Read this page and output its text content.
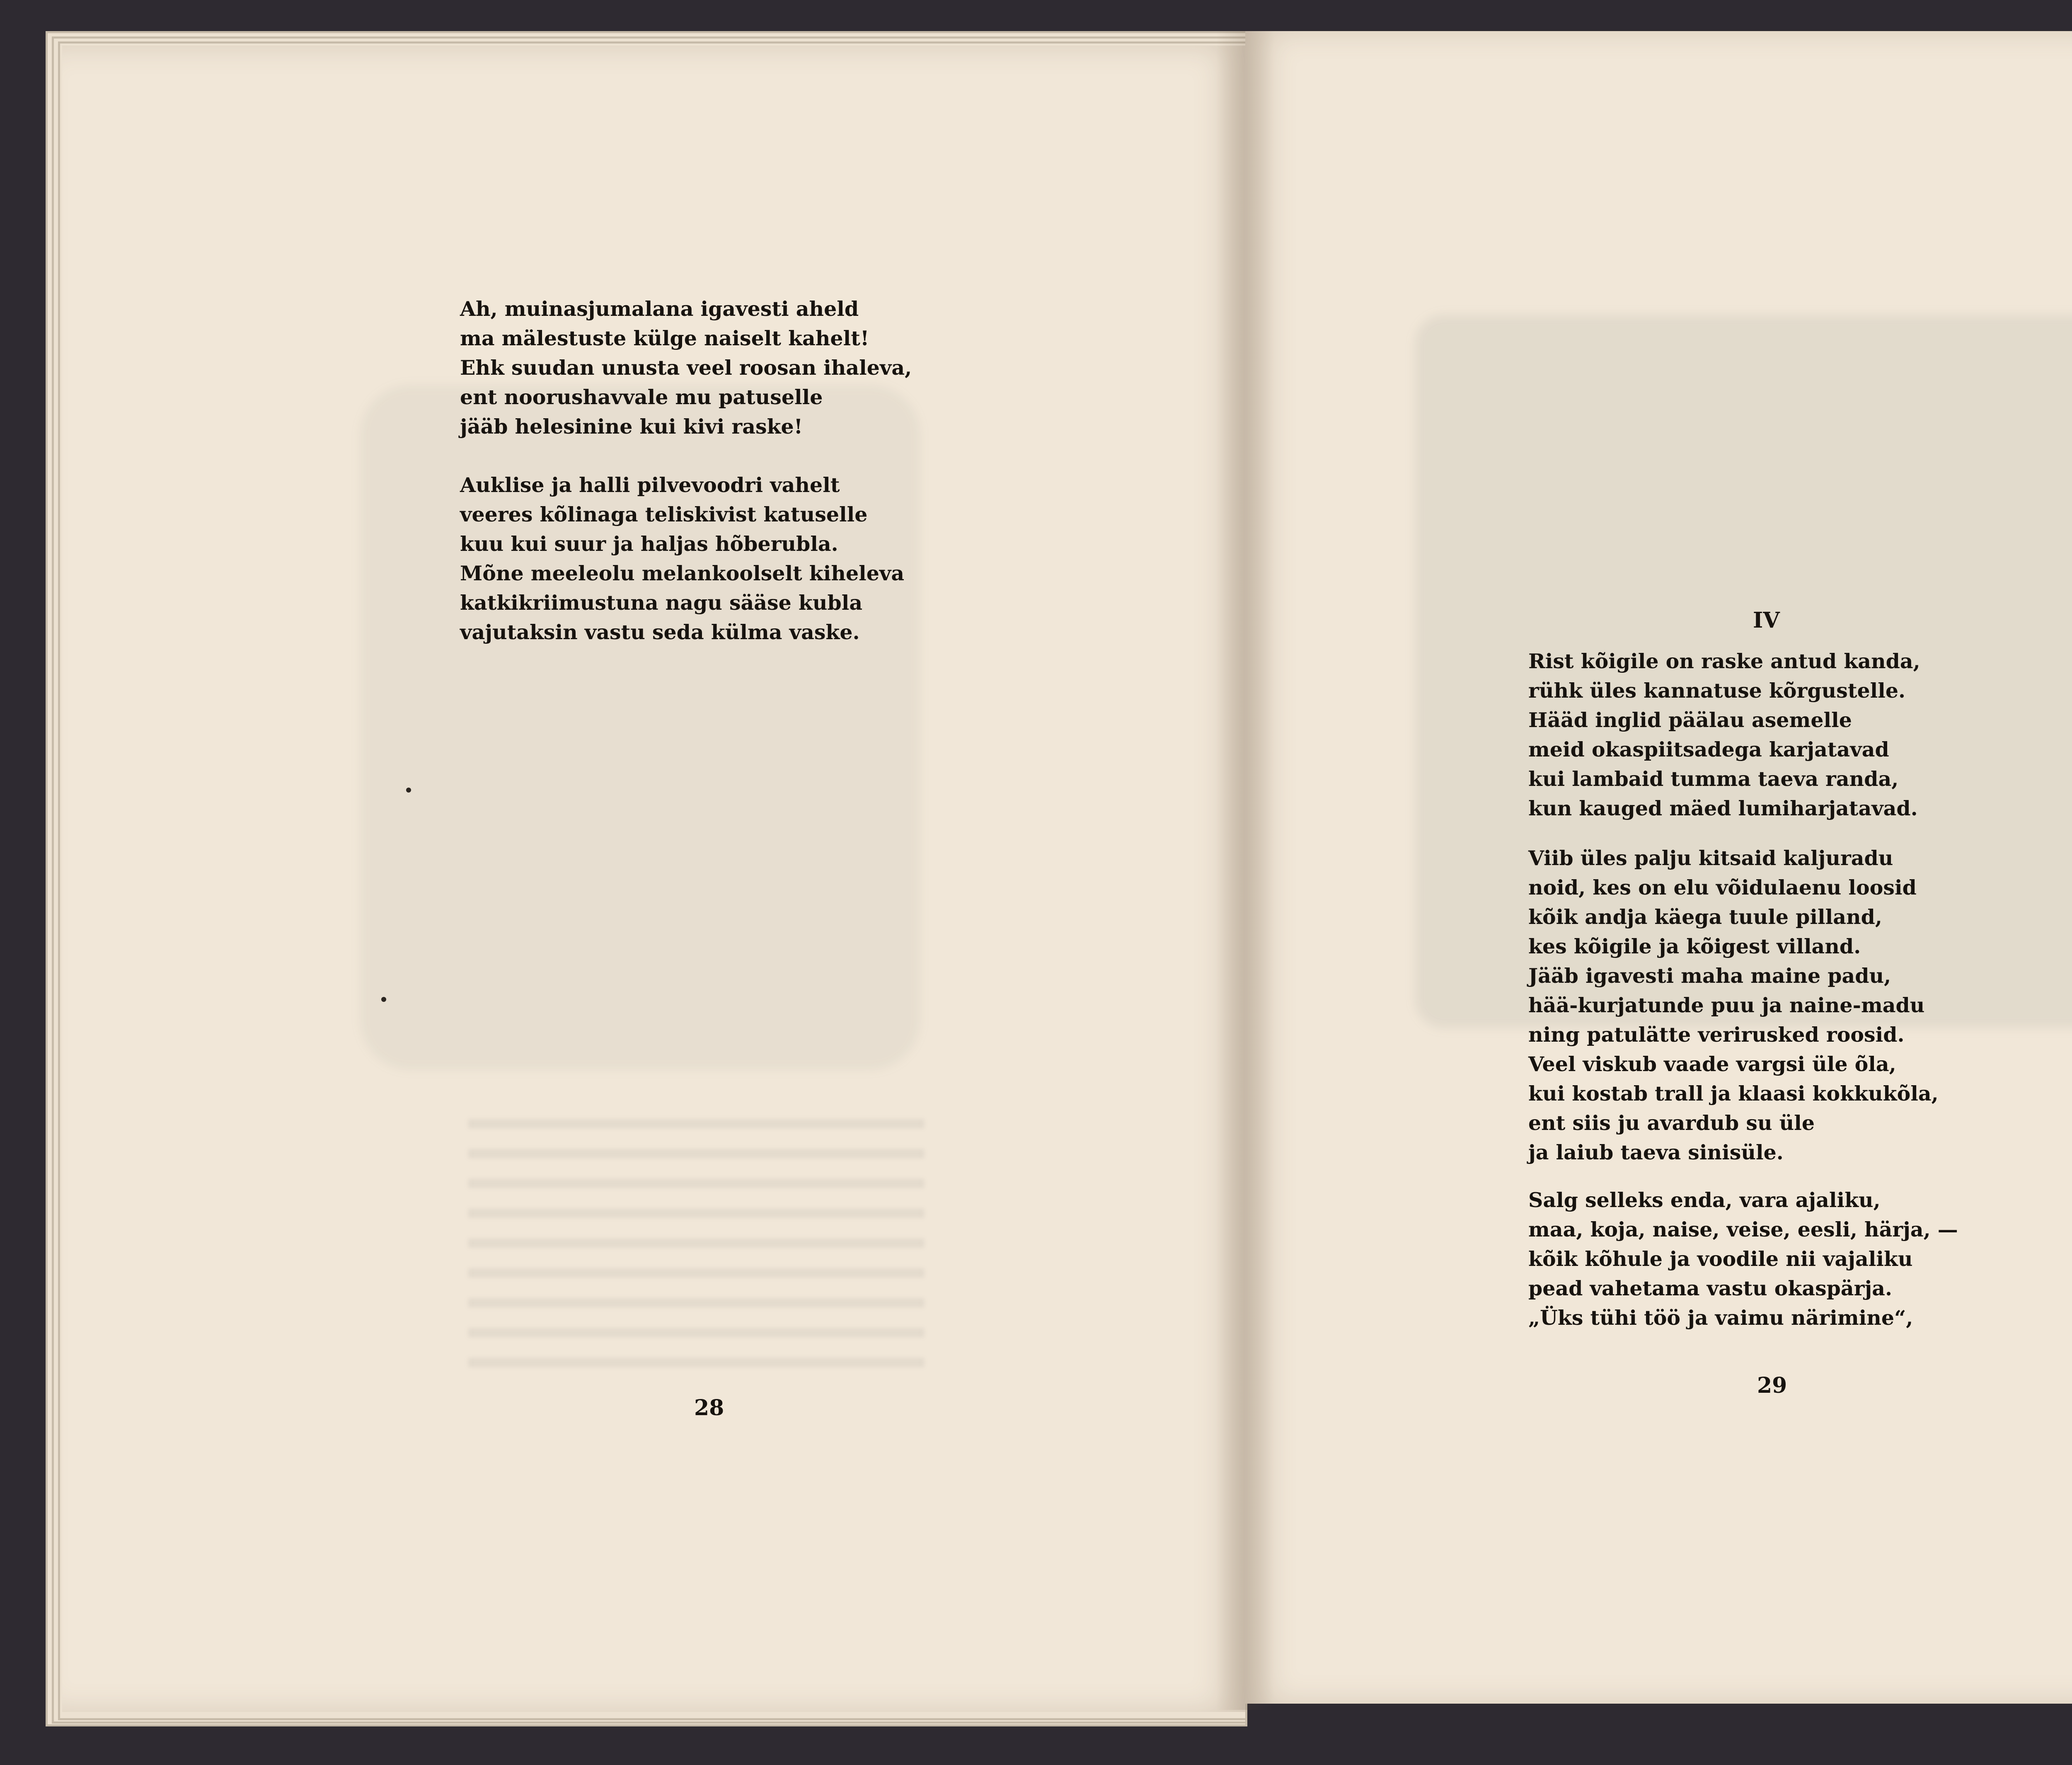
Ah, muinasjumalana igavesti aheld
ma mälestuste külge naiselt kahelt!
Ehk suudan unusta veel roosan ihaleva,
ent noorushavvale mu patuselle
jääb helesinine kui kivi raske!
Auklise ja halli pilvevoodri vahelt
veeres kõlinaga teliskivist katuselle
kuu kui suur ja haljas hõberubla.
Mõne meeleolu melankoolselt kiheleva
katkikriimustuna nagu sääse kubla
vajutaksin vastu seda külma vaske.
28
IV
Rist kõigile on raske antud kanda,
rühk üles kannatuse kõrgustelle.
Hääd inglid päälau asemelle
meid okaspiitsadega karjatavad
kui lambaid tumma taeva randa,
kun kauged mäed lumiharjatavad.
Viib üles palju kitsaid kaljuradu
noid, kes on elu võidulaenu loosid
kõik andja käega tuule pilland,
kes kõigile ja kõigest villand.
Jääb igavesti maha maine padu,
hää-kurjatunde puu ja naine-madu
ning patulätte verirusked roosid.
Veel viskub vaade vargsi üle õla,
kui kostab trall ja klaasi kokkukõla,
ent siis ju avardub su üle
ja laiub taeva sinisüle.
Salg selleks enda, vara ajaliku,
maa, koja, naise, veise, eesli, härja, —
kõik kõhule ja voodile nii vajaliku
pead vahetama vastu okaspärja.
„Üks tühi töö ja vaimu närimine“,
29
